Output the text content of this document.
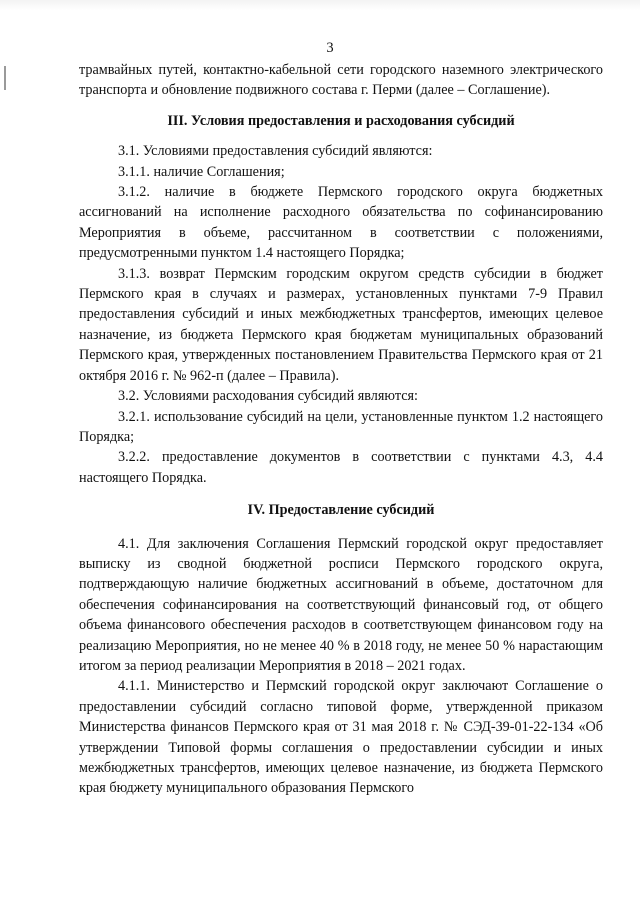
3

трамвайных путей, контактно-кабельной сети городского наземного электрического транспорта и обновление подвижного состава г. Перми (далее – Соглашение).

III. Условия предоставления и расходования субсидий

3.1. Условиями предоставления субсидий являются:

3.1.1. наличие Соглашения;

3.1.2. наличие в бюджете Пермского городского округа бюджетных ассигнований на исполнение расходного обязательства по софинансированию Мероприятия в объеме, рассчитанном в соответствии с положениями, предусмотренными пунктом 1.4 настоящего Порядка;

3.1.3. возврат Пермским городским округом средств субсидии в бюджет Пермского края в случаях и размерах, установленных пунктами 7-9 Правил предоставления субсидий и иных межбюджетных трансфертов, имеющих целевое назначение, из бюджета Пермского края бюджетам муниципальных образований Пермского края, утвержденных постановлением Правительства Пермского края от 21 октября 2016 г. № 962-п (далее – Правила).

3.2. Условиями расходования субсидий являются:

3.2.1. использование субсидий на цели, установленные пунктом 1.2 настоящего Порядка;

3.2.2. предоставление документов в соответствии с пунктами 4.3, 4.4 настоящего Порядка.

IV. Предоставление субсидий

4.1. Для заключения Соглашения Пермский городской округ предоставляет выписку из сводной бюджетной росписи Пермского городского округа, подтверждающую наличие бюджетных ассигнований в объеме, достаточном для обеспечения софинансирования на соответствующий финансовый год, от общего объема финансового обеспечения расходов в соответствующем финансовом году на реализацию Мероприятия, но не менее 40 % в 2018 году, не менее 50 % нарастающим итогом за период реализации Мероприятия в 2018 – 2021 годах.

4.1.1. Министерство и Пермский городской округ заключают Соглашение о предоставлении субсидий согласно типовой форме, утвержденной приказом Министерства финансов Пермского края от 31 мая 2018 г. № СЭД-39-01-22-134 «Об утверждении Типовой формы соглашения о предоставлении субсидии и иных межбюджетных трансфертов, имеющих целевое назначение, из бюджета Пермского края бюджету муниципального образования Пермского
